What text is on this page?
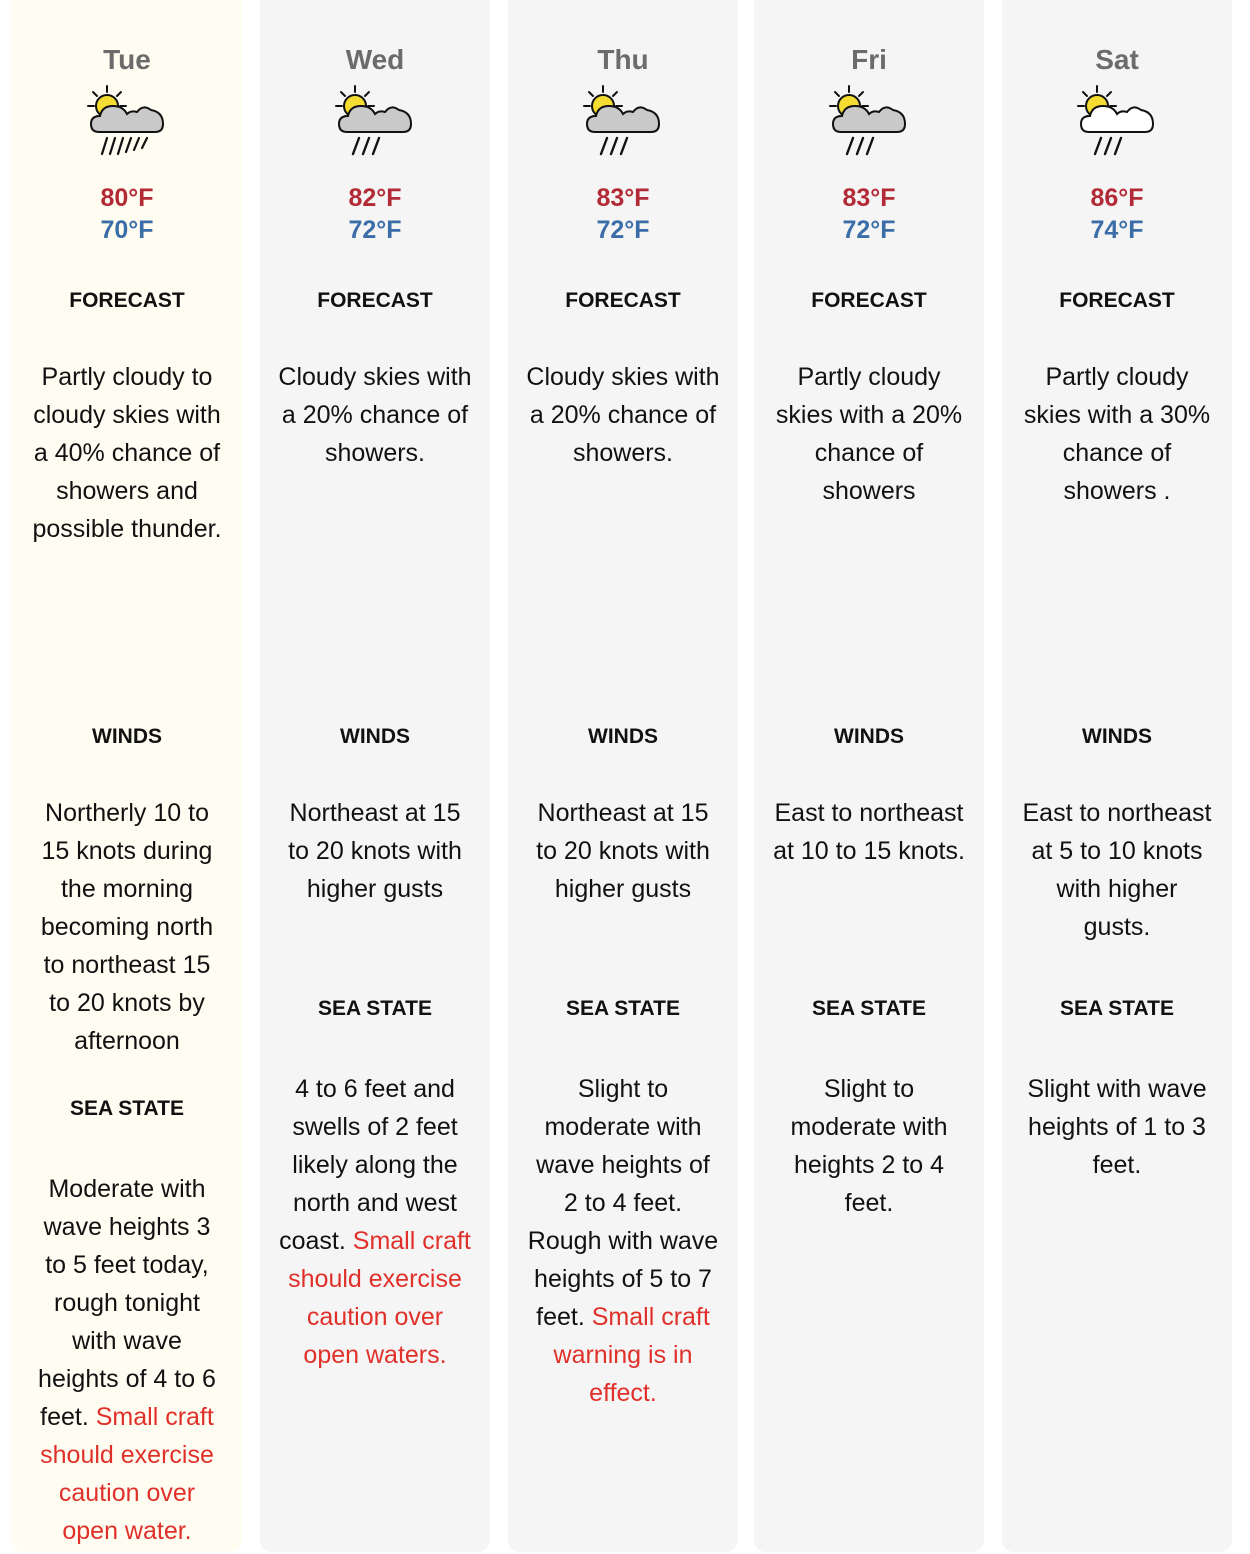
Tue
80°F
70°F
FORECAST
Partly cloudy to cloudy skies with a 40% chance of showers and possible thunder.
WINDS
Northerly 10 to 15 knots during the morning becoming north to northeast 15 to 20 knots by afternoon
SEA STATE
Moderate with wave heights 3 to 5 feet today, rough tonight with wave heights of 4 to 6 feet. Small craft should exercise caution over open water.
Wed
82°F
72°F
FORECAST
Cloudy skies with a 20% chance of showers.
WINDS
Northeast at 15 to 20 knots with higher gusts
SEA STATE
4 to 6 feet and swells of 2 feet likely along the north and west coast. Small craft should exercise caution over open waters.
Thu
83°F
72°F
FORECAST
Cloudy skies with a 20% chance of showers.
WINDS
Northeast at 15 to 20 knots with higher gusts
SEA STATE
Slight to moderate with wave heights of 2 to 4 feet. Rough with wave heights of 5 to 7 feet. Small craft warning is in effect.
Fri
83°F
72°F
FORECAST
Partly cloudy skies with a 20% chance of showers
WINDS
East to northeast at 10 to 15 knots.
SEA STATE
Slight to moderate with heights 2 to 4 feet.
Sat
86°F
74°F
FORECAST
Partly cloudy skies with a 30% chance of showers .
WINDS
East to northeast at 5 to 10 knots with higher gusts.
SEA STATE
Slight with wave heights of 1 to 3 feet.
